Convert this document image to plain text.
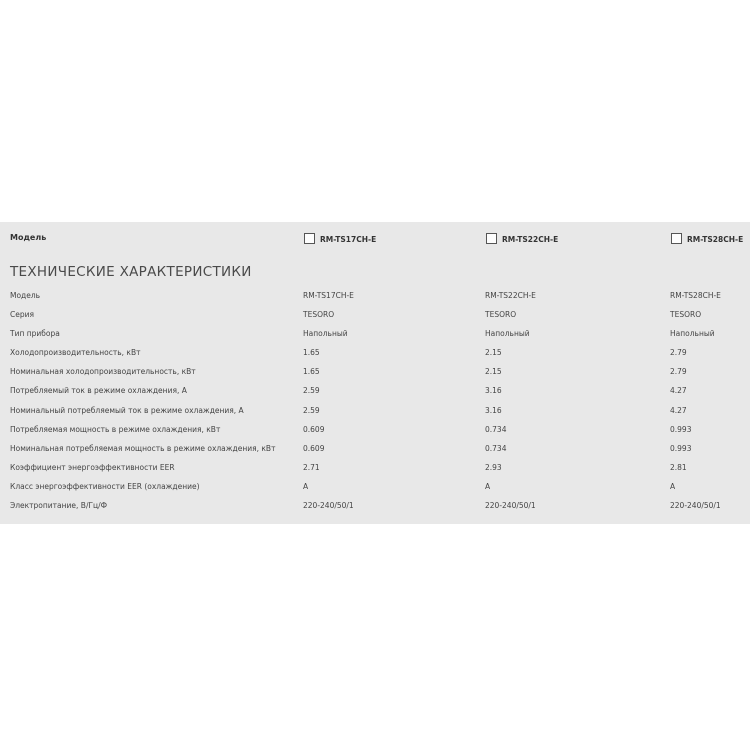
Модель	RM-TS17CH-E	RM-TS22CH-E	RM-TS28CH-E
ТЕХНИЧЕСКИЕ ХАРАКТЕРИСТИКИ
Модель	RM-TS17CH-E	RM-TS22CH-E	RM-TS28CH-E
Серия	TESORO	TESORO	TESORO
Тип прибора	Напольный	Напольный	Напольный
Холодопроизводительность, кВт	1.65	2.15	2.79
Номинальная холодопроизводительность, кВт	1.65	2.15	2.79
Потребляемый ток в режиме охлаждения, А	2.59	3.16	4.27
Номинальный потребляемый ток в режиме охлаждения, А	2.59	3.16	4.27
Потребляемая мощность в режиме охлаждения, кВт	0.609	0.734	0.993
Номинальная потребляемая мощность в режиме охлаждения, кВт	0.609	0.734	0.993
Коэффициент энергоэффективности EER	2.71	2.93	2.81
Класс энергоэффективности EER (охлаждение)	A	A	A
Электропитание, В/Гц/Ф	220-240/50/1	220-240/50/1	220-240/50/1
